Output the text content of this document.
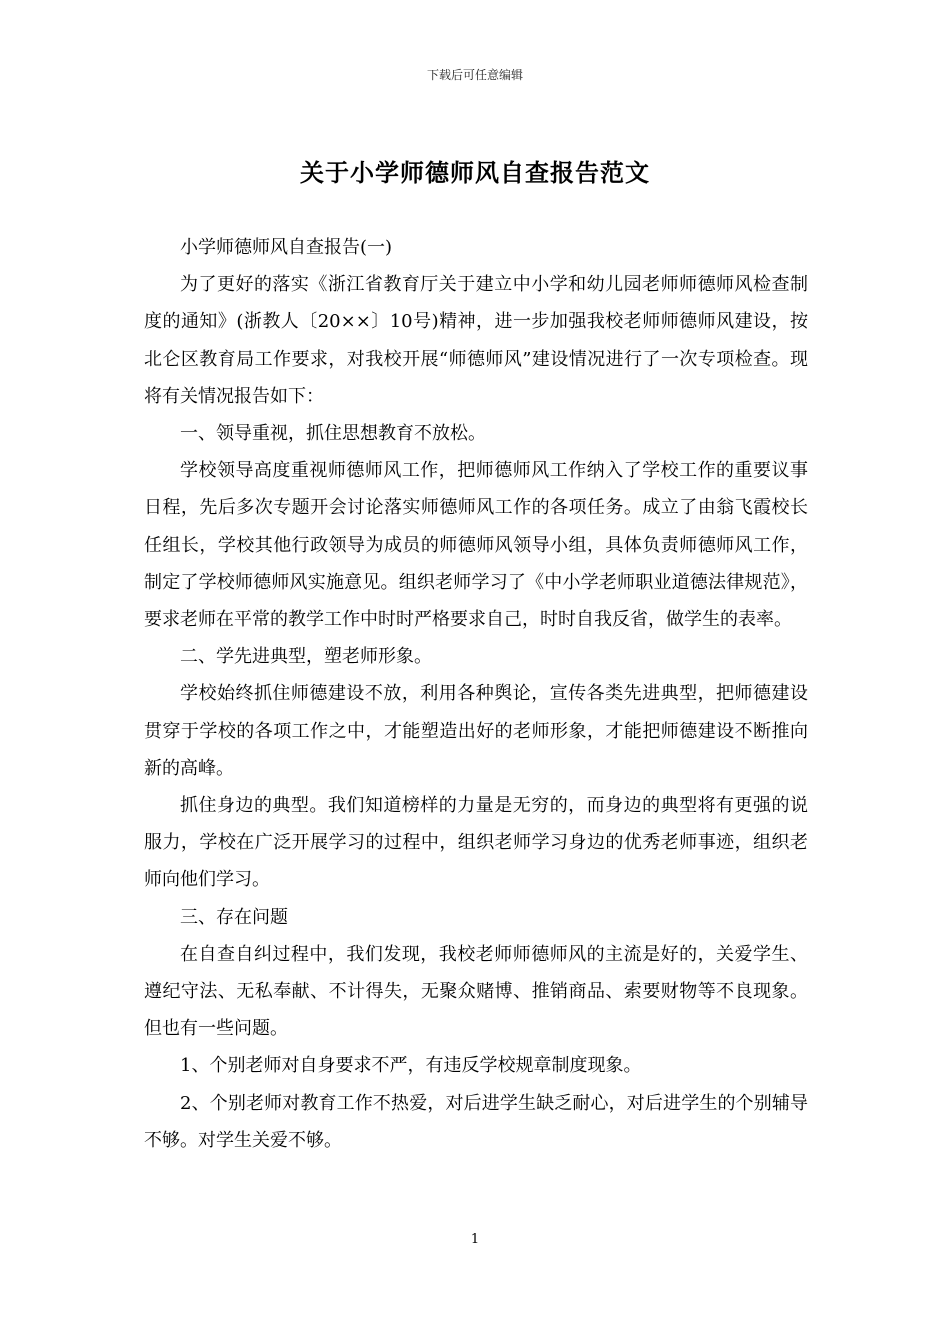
下载后可任意编辑
关于小学师德师风自查报告范文

小学师德师风自查报告(一)

为了更好的落实《浙江省教育厅关于建立中小学和幼儿园老师师德师风检查制度的通知》(浙教人〔20××〕10号)精神，进一步加强我校老师师德师风建设，按北仑区教育局工作要求，对我校开展“师德师风”建设情况进行了一次专项检查。现将有关情况报告如下：

一、领导重视，抓住思想教育不放松。

学校领导高度重视师德师风工作，把师德师风工作纳入了学校工作的重要议事日程，先后多次专题开会讨论落实师德师风工作的各项任务。成立了由翁飞霞校长任组长，学校其他行政领导为成员的师德师风领导小组，具体负责师德师风工作，制定了学校师德师风实施意见。组织老师学习了《中小学老师职业道德法律规范》，要求老师在平常的教学工作中时时严格要求自己，时时自我反省，做学生的表率。

二、学先进典型，塑老师形象。

学校始终抓住师德建设不放，利用各种舆论，宣传各类先进典型，把师德建设贯穿于学校的各项工作之中，才能塑造出好的老师形象，才能把师德建设不断推向新的高峰。

抓住身边的典型。我们知道榜样的力量是无穷的，而身边的典型将有更强的说服力，学校在广泛开展学习的过程中，组织老师学习身边的优秀老师事迹，组织老师向他们学习。

三、存在问题

在自查自纠过程中，我们发现，我校老师师德师风的主流是好的，关爱学生、遵纪守法、无私奉献、不计得失，无聚众赌博、推销商品、索要财物等不良现象。但也有一些问题。

1、个别老师对自身要求不严，有违反学校规章制度现象。

2、个别老师对教育工作不热爱，对后进学生缺乏耐心，对后进学生的个别辅导不够。对学生关爱不够。

1
